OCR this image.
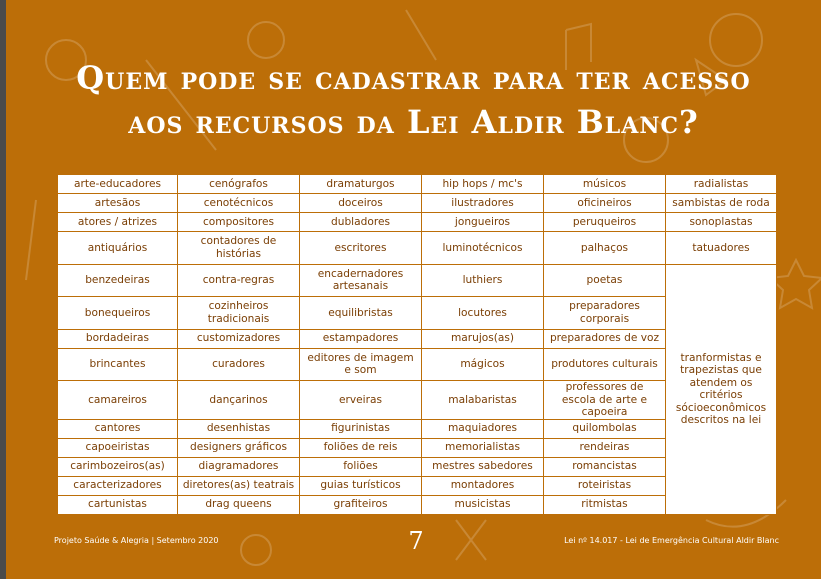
Quem pode se cadastrar para ter acesso
aos recursos da Lei Aldir Blanc?
arte-educadores	cenógrafos	dramaturgos	hip hops / mc's	músicos	radialistas
artesãos	cenotécnicos	doceiros	ilustradores	oficineiros	sambistas de roda
atores / atrizes	compositores	dubladores	jongueiros	peruqueiros	sonoplastas
antiquários	contadores de histórias	escritores	luminotécnicos	palhaços	tatuadores
benzedeiras	contra-regras	encadernadores artesanais	luthiers	poetas	tranformistas e trapezistas que atendem os critérios sócioeconômicos descritos na lei
bonequeiros	cozinheiros tradicionais	equilibristas	locutores	preparadores corporais	
bordadeiras	customizadores	estampadores	marujos(as)	preparadores de voz	
brincantes	curadores	editores de imagem e som	mágicos	produtores culturais	
camareiros	dançarinos	erveiras	malabaristas	professores de escola de arte e capoeira	
cantores	desenhistas	figurinistas	maquiadores	quilombolas	
capoeiristas	designers gráficos	foliões de reis	memorialistas	rendeiras	
carimbozeiros(as)	diagramadores	foliões	mestres sabedores	romancistas	
caracterizadores	diretores(as) teatrais	guias turísticos	montadores	roteiristas	
cartunistas	drag queens	grafiteiros	musicistas	ritmistas	
Projeto Saúde & Alegria | Setembro 2020	7	Lei nº 14.017 - Lei de Emergência Cultural Aldir Blanc
